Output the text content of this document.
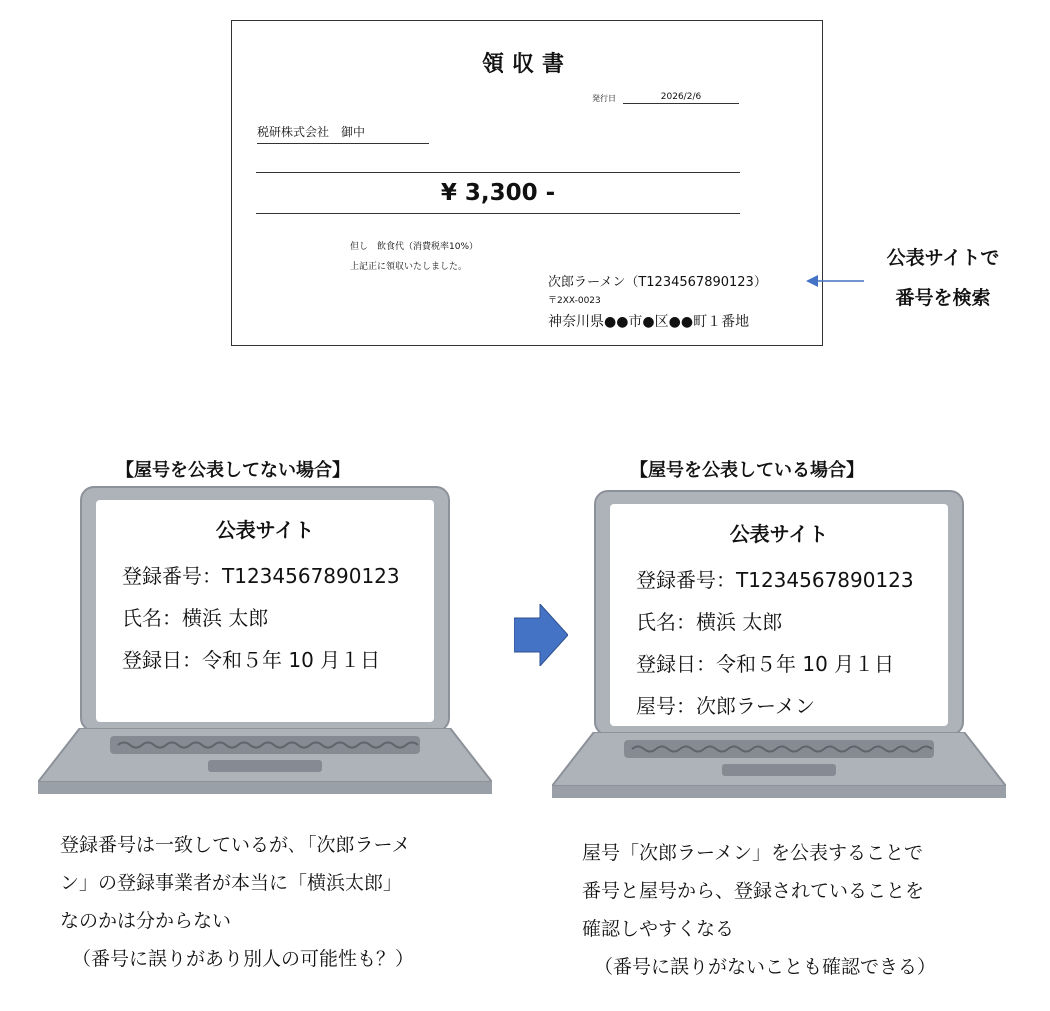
領収書
発行日	2026/2/6
税研株式会社　御中
¥ 3,300 -
但し　飲食代（消費税率10%）
上記正に領収いたしました。
次郎ラーメン（T1234567890123）
〒2XX-0023
神奈川県●●市●区●●町１番地
公表サイトで
番号を検索
【屋号を公表してない場合】	【屋号を公表している場合】
公表サイト
登録番号：T1234567890123
氏名：横浜 太郎
登録日：令和５年 10 月１日
公表サイト
登録番号：T1234567890123
氏名：横浜 太郎
登録日：令和５年 10 月１日
屋号：次郎ラーメン
登録番号は一致しているが､「次郎ラーメ
ン」の登録事業者が本当に「横浜太郎」
なのかは分からない
（番号に誤りがあり別人の可能性も？）
屋号「次郎ラーメン」を公表することで
番号と屋号から、登録されていることを
確認しやすくなる
（番号に誤りがないことも確認できる）
